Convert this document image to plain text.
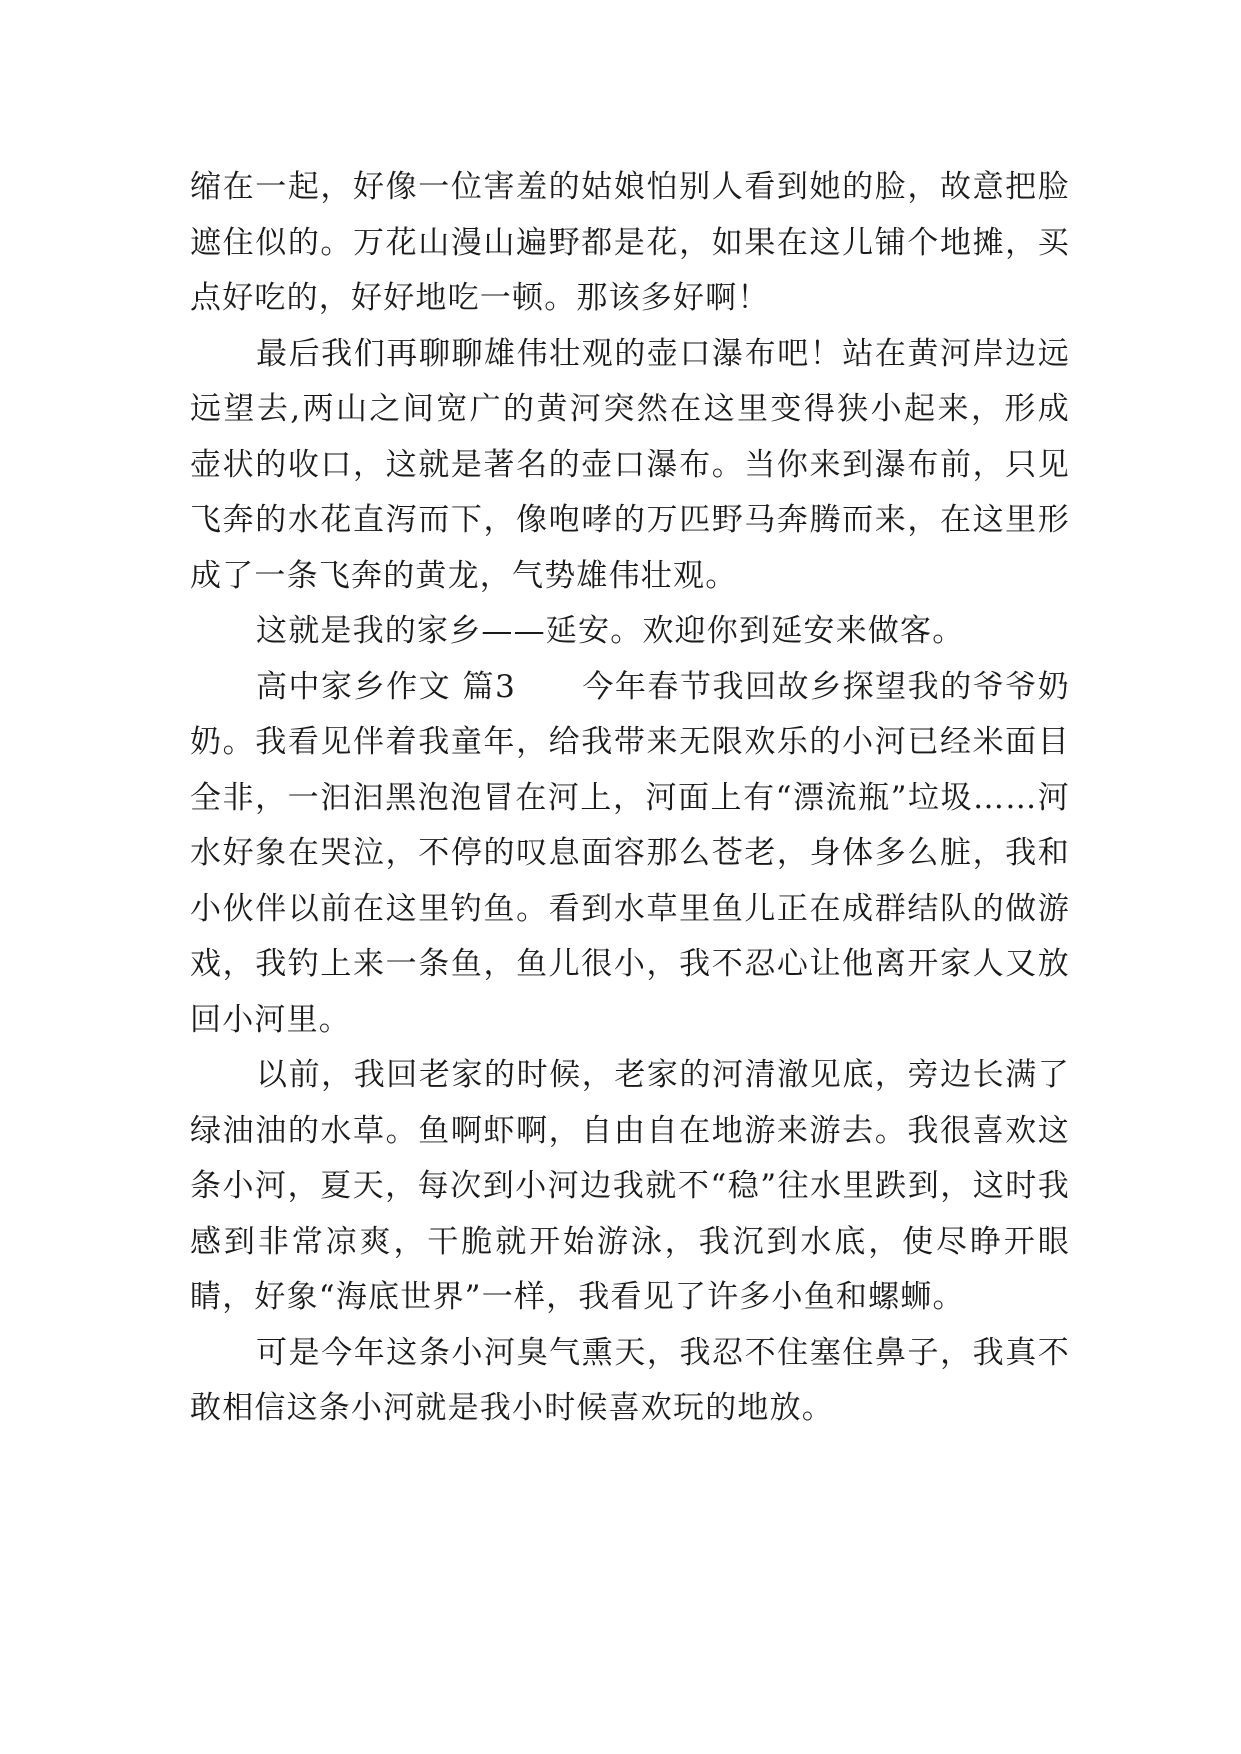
缩在一起，好像一位害羞的姑娘怕别人看到她的脸，故意把脸遮住似的。万花山漫山遍野都是花，如果在这儿铺个地摊，买点好吃的，好好地吃一顿。那该多好啊！

最后我们再聊聊雄伟壮观的壶口瀑布吧！站在黄河岸边远远望去,两山之间宽广的黄河突然在这里变得狭小起来，形成壶状的收口，这就是著名的壶口瀑布。当你来到瀑布前，只见飞奔的水花直泻而下，像咆哮的万匹野马奔腾而来，在这里形成了一条飞奔的黄龙，气势雄伟壮观。

这就是我的家乡——延安。欢迎你到延安来做客。

高中家乡作文 篇3 今年春节我回故乡探望我的爷爷奶奶。我看见伴着我童年，给我带来无限欢乐的小河已经米面目全非，一汩汩黑泡泡冒在河上，河面上有“漂流瓶”垃圾……河水好象在哭泣，不停的叹息面容那么苍老，身体多么脏，我和小伙伴以前在这里钓鱼。看到水草里鱼儿正在成群结队的做游戏，我钓上来一条鱼，鱼儿很小，我不忍心让他离开家人又放回小河里。

以前，我回老家的时候，老家的河清澈见底，旁边长满了绿油油的水草。鱼啊虾啊，自由自在地游来游去。我很喜欢这条小河，夏天，每次到小河边我就不“稳”往水里跌到，这时我感到非常凉爽，干脆就开始游泳，我沉到水底，使尽睁开眼睛，好象“海底世界”一样，我看见了许多小鱼和螺蛳。

可是今年这条小河臭气熏天，我忍不住塞住鼻子，我真不敢相信这条小河就是我小时候喜欢玩的地放。
